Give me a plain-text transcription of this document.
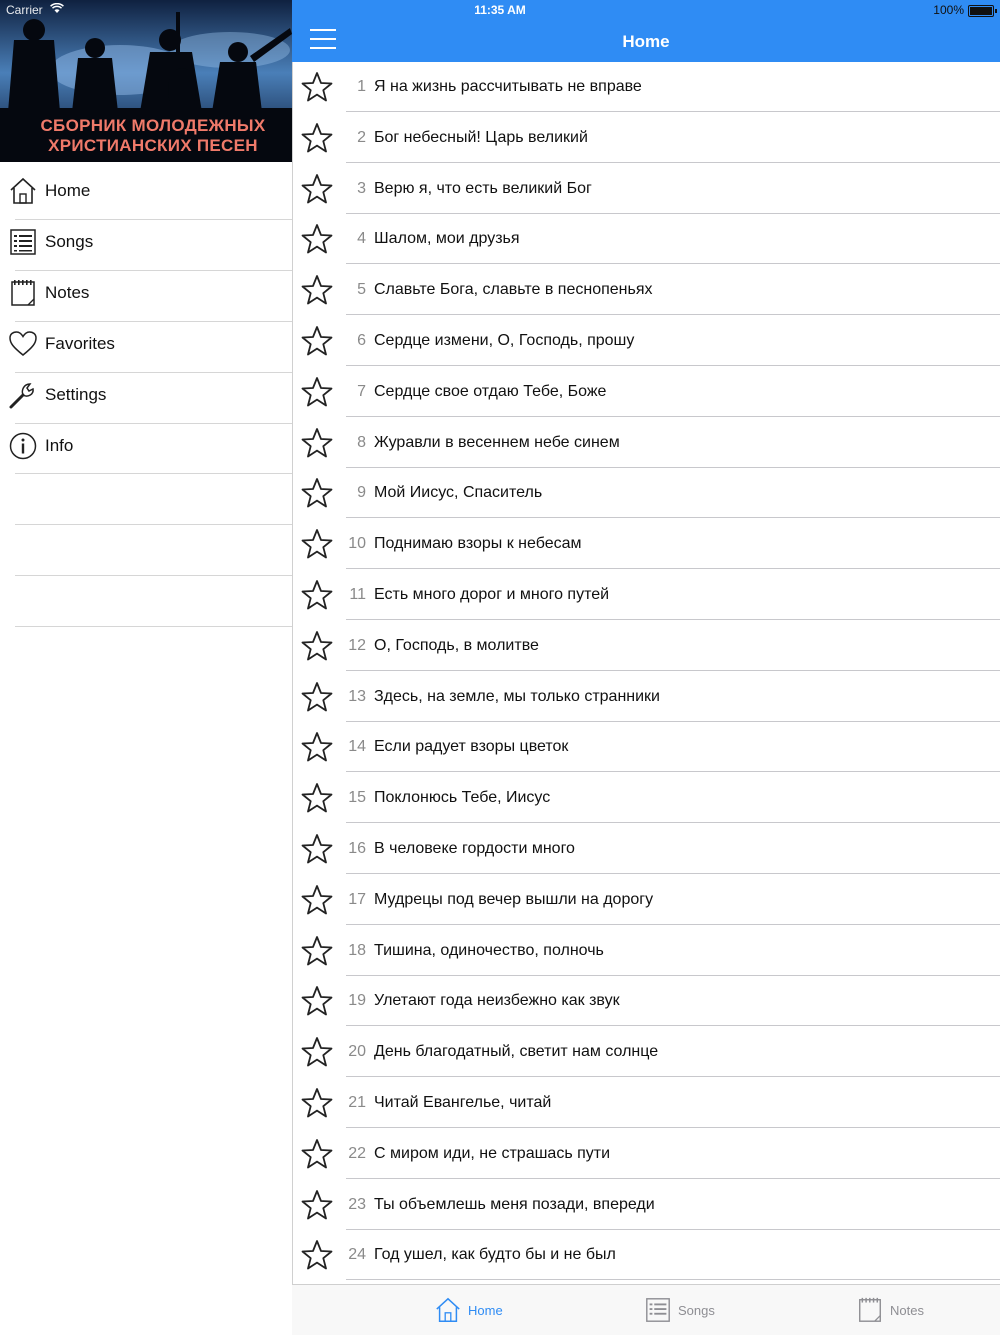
Carrier	11:35 AM	100%
СБОРНИК МОЛОДЕЖНЫХ
ХРИСТИАНСКИХ ПЕСЕН
Home
Songs
Notes
Favorites
Settings
Info
Home
1 Я на жизнь рассчитывать не вправе
2 Бог небесный! Царь великий
3 Верю я, что есть великий Бог
4 Шалом, мои друзья
5 Славьте Бога, славьте в песнопеньях
6 Сердце измени, О, Господь, прошу
7 Сердце свое отдаю Тебе, Боже
8 Журавли в весеннем небе синем
9 Мой Иисус, Спаситель
10 Поднимаю взоры к небесам
11 Есть много дорог и много путей
12 О, Господь, в молитве
13 Здесь, на земле, мы только странники
14 Если радует взоры цветок
15 Поклонюсь Тебе, Иисус
16 В человеке гордости много
17 Мудрецы под вечер вышли на дорогу
18 Тишина, одиночество, полночь
19 Улетают года неизбежно как звук
20 День благодатный, светит нам солнце
21 Читай Евангелье, читай
22 С миром иди, не страшась пути
23 Ты объемлешь меня позади, впереди
24 Год ушел, как будто бы и не был
Home	Songs	Notes
